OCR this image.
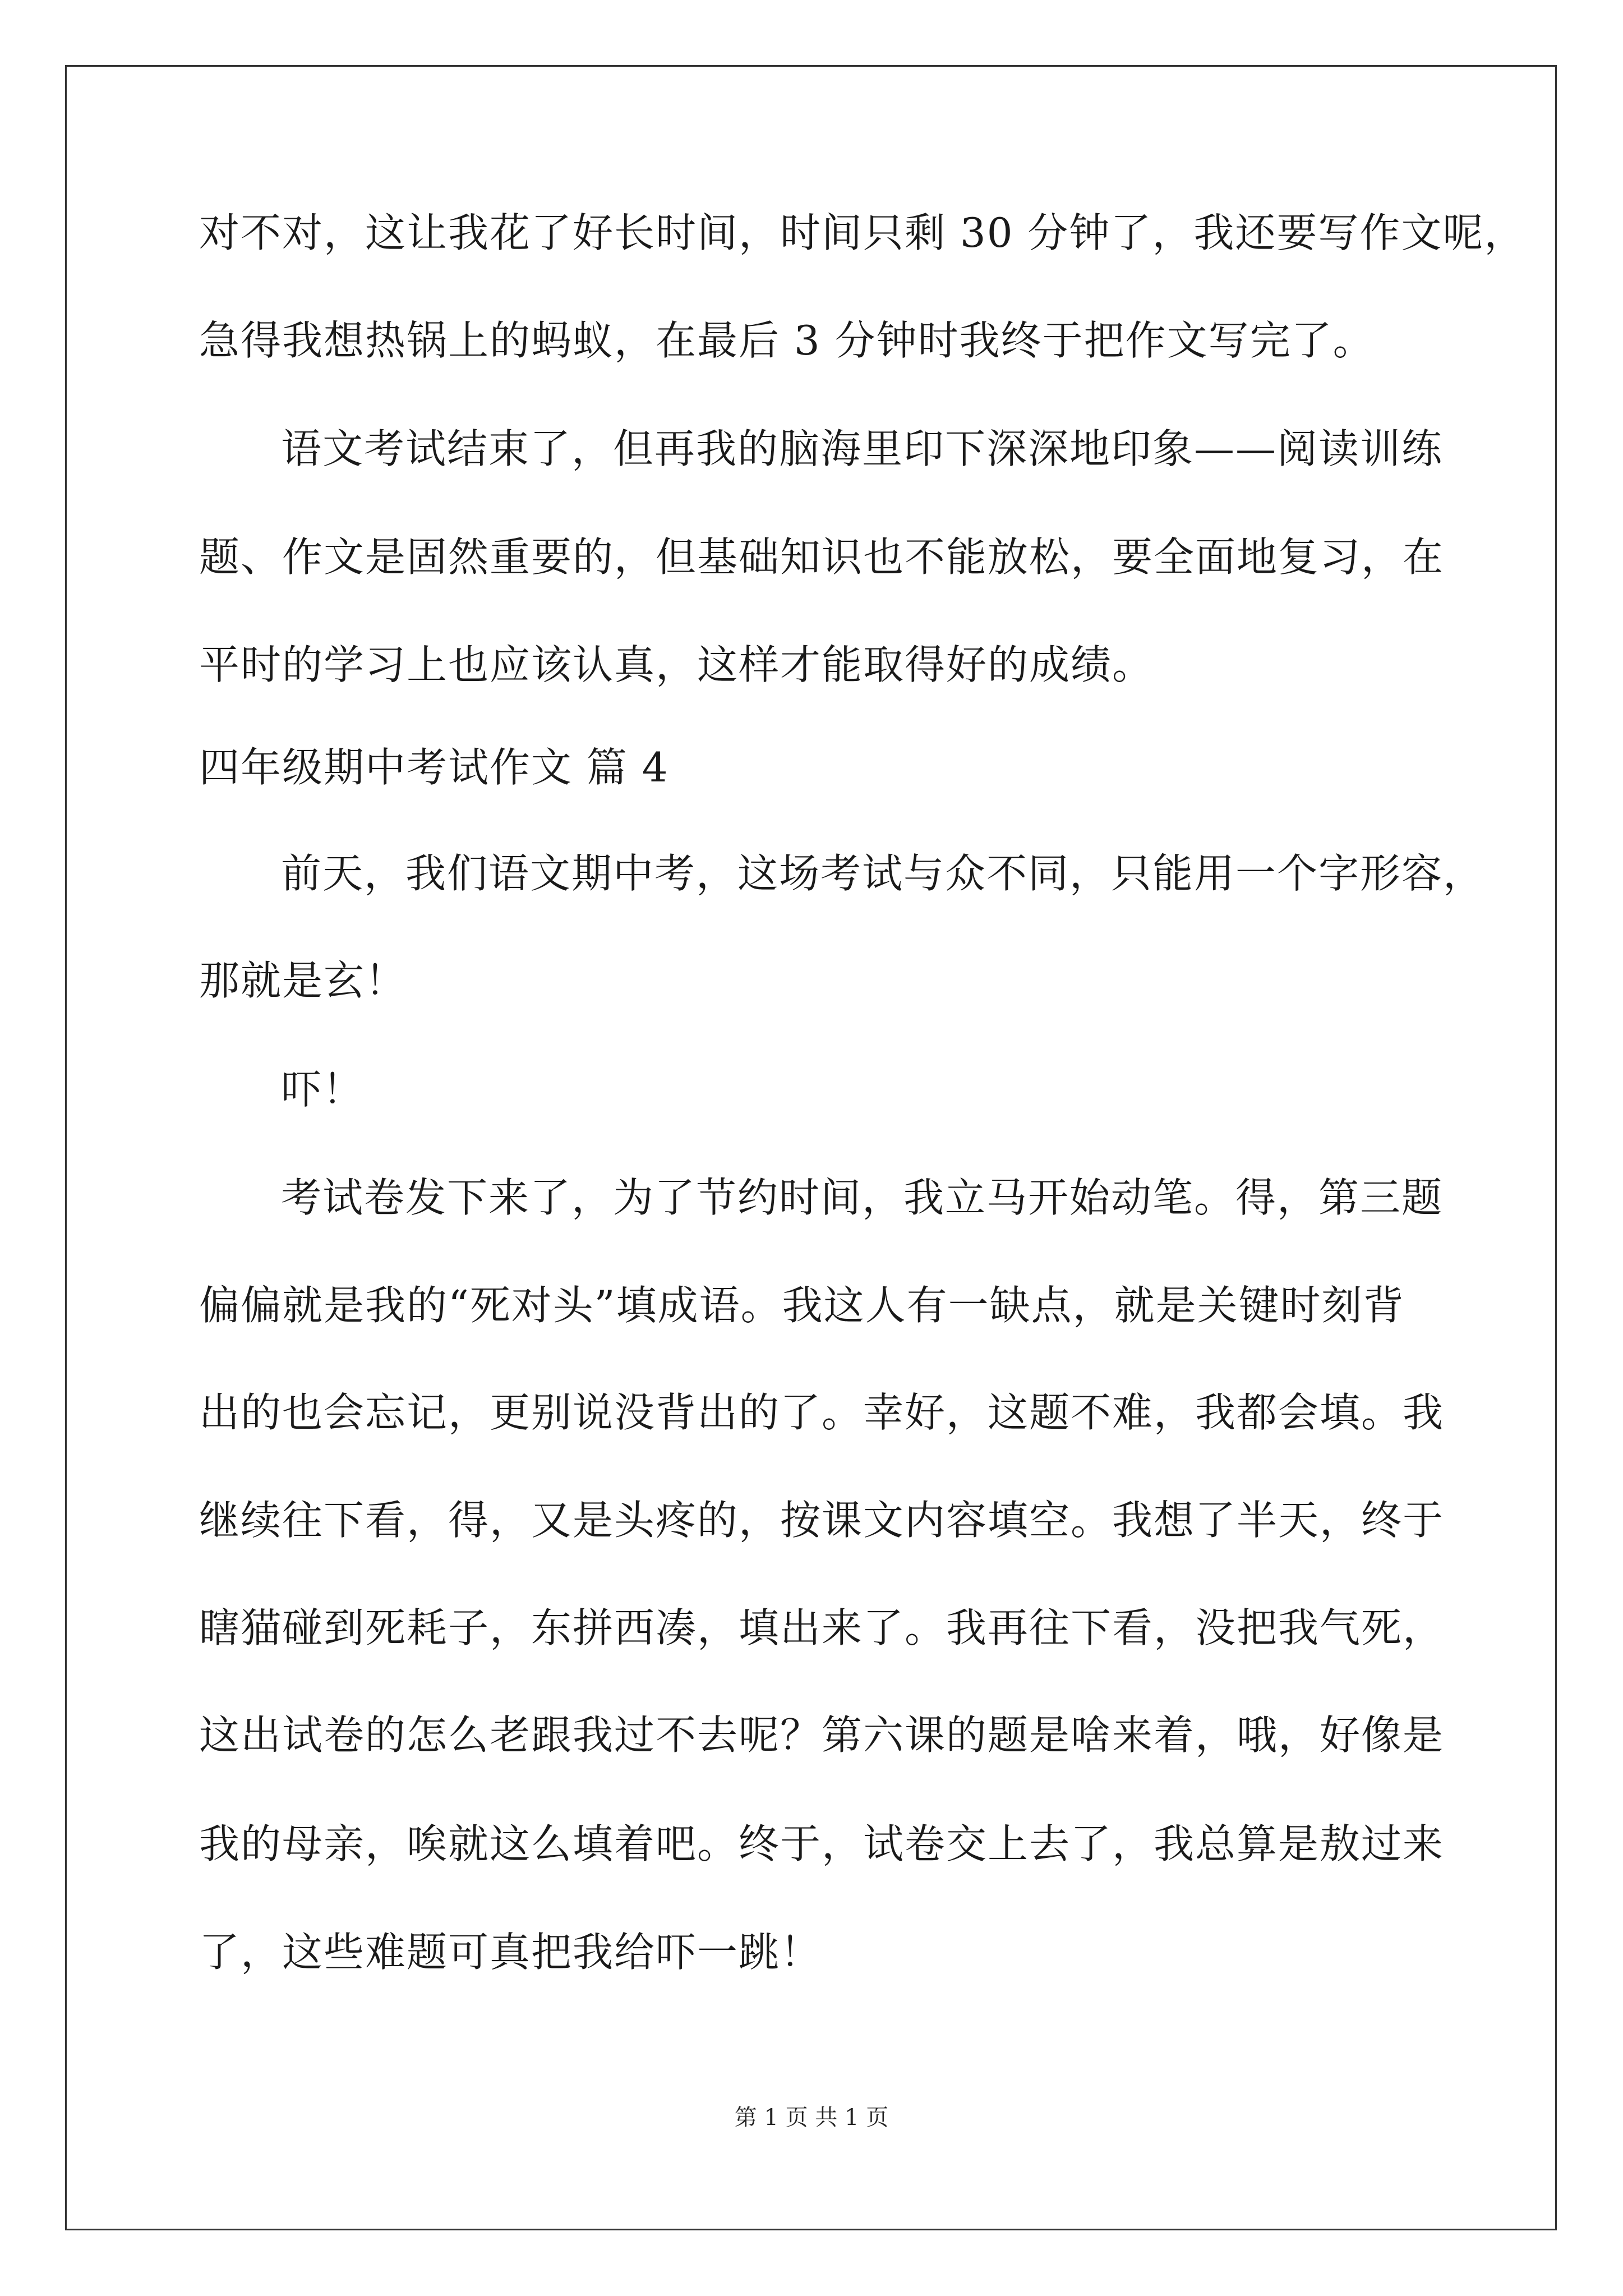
对不对，这让我花了好长时间，时间只剩 30 分钟了，我还要写作文呢，
急得我想热锅上的蚂蚁，在最后 3 分钟时我终于把作文写完了。
语文考试结束了，但再我的脑海里印下深深地印象——阅读训练
题、作文是固然重要的，但基础知识也不能放松，要全面地复习，在
平时的学习上也应该认真，这样才能取得好的成绩。
四年级期中考试作文 篇 4
前天，我们语文期中考，这场考试与众不同，只能用一个字形容，
那就是玄！
吓！
考试卷发下来了，为了节约时间，我立马开始动笔。得，第三题
偏偏就是我的“死对头”填成语。我这人有一缺点，就是关键时刻背
出的也会忘记，更别说没背出的了。幸好，这题不难，我都会填。我
继续往下看，得，又是头疼的，按课文内容填空。我想了半天，终于
瞎猫碰到死耗子，东拼西凑，填出来了。我再往下看，没把我气死，
这出试卷的怎么老跟我过不去呢？第六课的题是啥来着，哦，好像是
我的母亲，唉就这么填着吧。终于，试卷交上去了，我总算是敖过来
了，这些难题可真把我给吓一跳！
第 1 页 共 1 页
